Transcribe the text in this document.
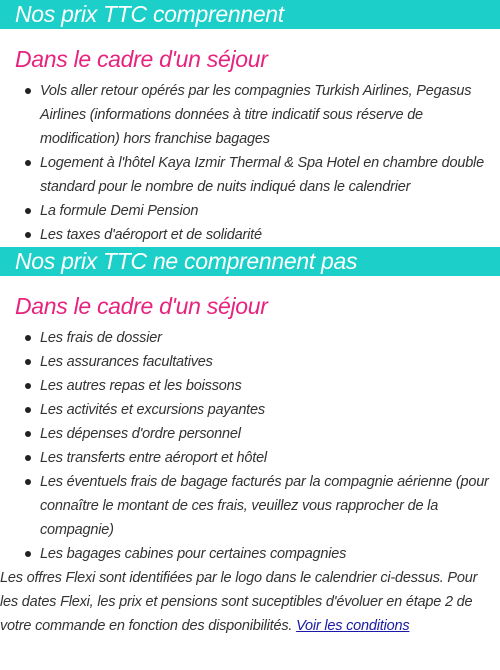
Nos prix TTC comprennent
Dans le cadre d'un séjour
Vols aller retour opérés par les compagnies Turkish Airlines, Pegasus Airlines (informations données à titre indicatif sous réserve de modification) hors franchise bagages
Logement à l'hôtel Kaya Izmir Thermal & Spa Hotel en chambre double standard pour le nombre de nuits indiqué dans le calendrier
La formule Demi Pension
Les taxes d'aéroport et de solidarité
Nos prix TTC ne comprennent pas
Dans le cadre d'un séjour
Les frais de dossier
Les assurances facultatives
Les autres repas et les boissons
Les activités et excursions payantes
Les dépenses d'ordre personnel
Les transferts entre aéroport et hôtel
Les éventuels frais de bagage facturés par la compagnie aérienne (pour connaître le montant de ces frais, veuillez vous rapprocher de la compagnie)
Les bagages cabines pour certaines compagnies

Les offres Flexi sont identifiées par le logo dans le calendrier ci-dessus. Pour les dates Flexi, les prix et pensions sont suceptibles d'évoluer en étape 2 de votre commande en fonction des disponibilités. Voir les conditions
